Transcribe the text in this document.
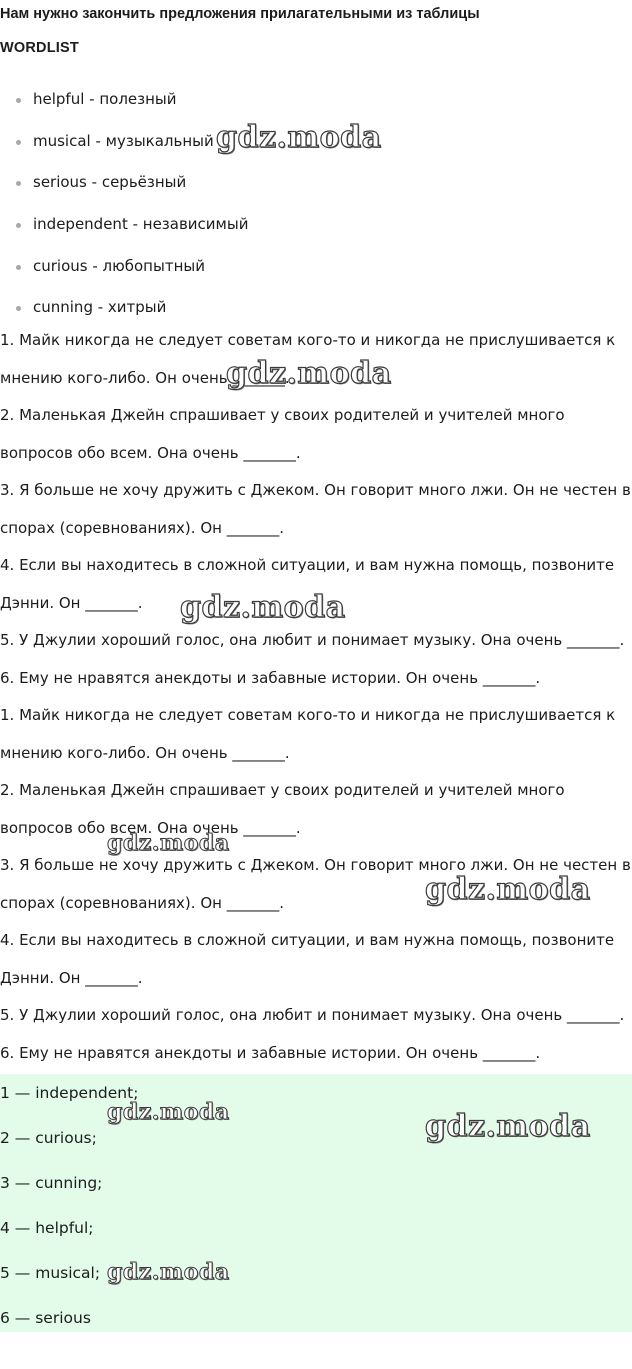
Нам нужно закончить предложения прилагательными из таблицы
WORDLIST
helpful - полезный
musical - музыкальный
serious - серьёзный
independent - независимый
curious - любопытный
cunning - хитрый

1. Майк никогда не следует советам кого-то и никогда не прислушивается к мнению кого-либо. Он очень _______.

2. Маленькая Джейн спрашивает у своих родителей и учителей много вопросов обо всем. Она очень _______.

3. Я больше не хочу дружить с Джеком. Он говорит много лжи. Он не честен в спорах (соревнованиях). Он _______.

4. Если вы находитесь в сложной ситуации, и вам нужна помощь, позвоните Дэнни. Он _______.

5. У Джулии хороший голос, она любит и понимает музыку. Она очень _______.

6. Ему не нравятся анекдоты и забавные истории. Он очень _______.

1. Майк никогда не следует советам кого-то и никогда не прислушивается к мнению кого-либо. Он очень _______.

2. Маленькая Джейн спрашивает у своих родителей и учителей много вопросов обо всем. Она очень _______.

3. Я больше не хочу дружить с Джеком. Он говорит много лжи. Он не честен в спорах (соревнованиях). Он _______.

4. Если вы находитесь в сложной ситуации, и вам нужна помощь, позвоните Дэнни. Он _______.

5. У Джулии хороший голос, она любит и понимает музыку. Она очень _______.

6. Ему не нравятся анекдоты и забавные истории. Он очень _______.

1 — independent;

2 — curious;

3 — cunning;

4 — helpful;

5 — musical;

6 — serious

gdz.moda
gdz.moda
gdz.moda
gdz.moda
gdz.moda
gdz.moda	gdz.moda
gdz.moda
